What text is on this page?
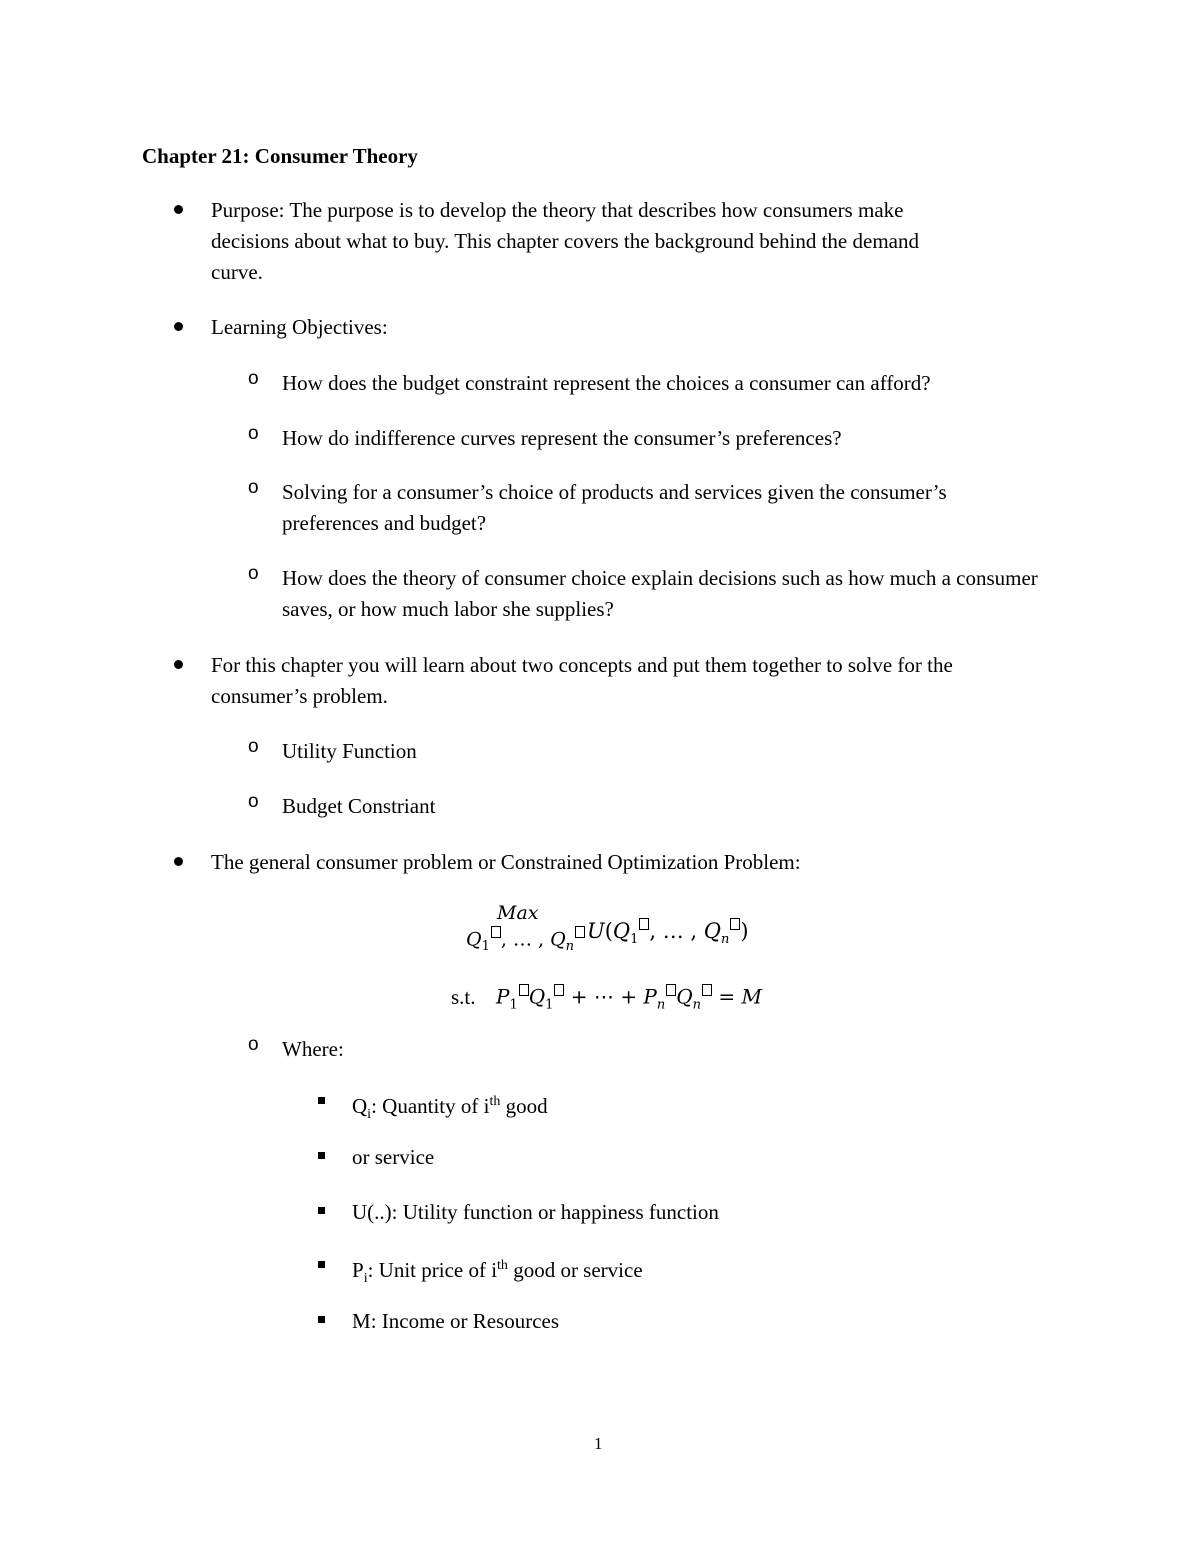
Chapter 21: Consumer Theory
Purpose: The purpose is to develop the theory that describes how consumers make
decisions about what to buy. This chapter covers the background behind the demand
curve.
Learning Objectives:
o How does the budget constraint represent the choices a consumer can afford?
o How do indifference curves represent the consumer’s preferences?
o Solving for a consumer’s choice of products and services given the consumer’s preferences and budget?
o How does the theory of consumer choice explain decisions such as how much a consumer saves, or how much labor she supplies?
For this chapter you will learn about two concepts and put them together to solve for the
consumer’s problem.
o Utility Function
o Budget Constriant
The general consumer problem or Constrained Optimization Problem:
Max
$Q_1$ , … , $Q_n$
$U(Q_1$ , … , $Q_n$ )
s.t. $P_1$ $Q_1$ + ⋯ + $P_n$ $Q_n = M$
o Where:
$Q_i$: Quantity of $i^{th}$ good
or service
U(..): Utility function or happiness function
$P_i$: Unit price of $i^{th}$ good or service
M: Income or Resources
1
